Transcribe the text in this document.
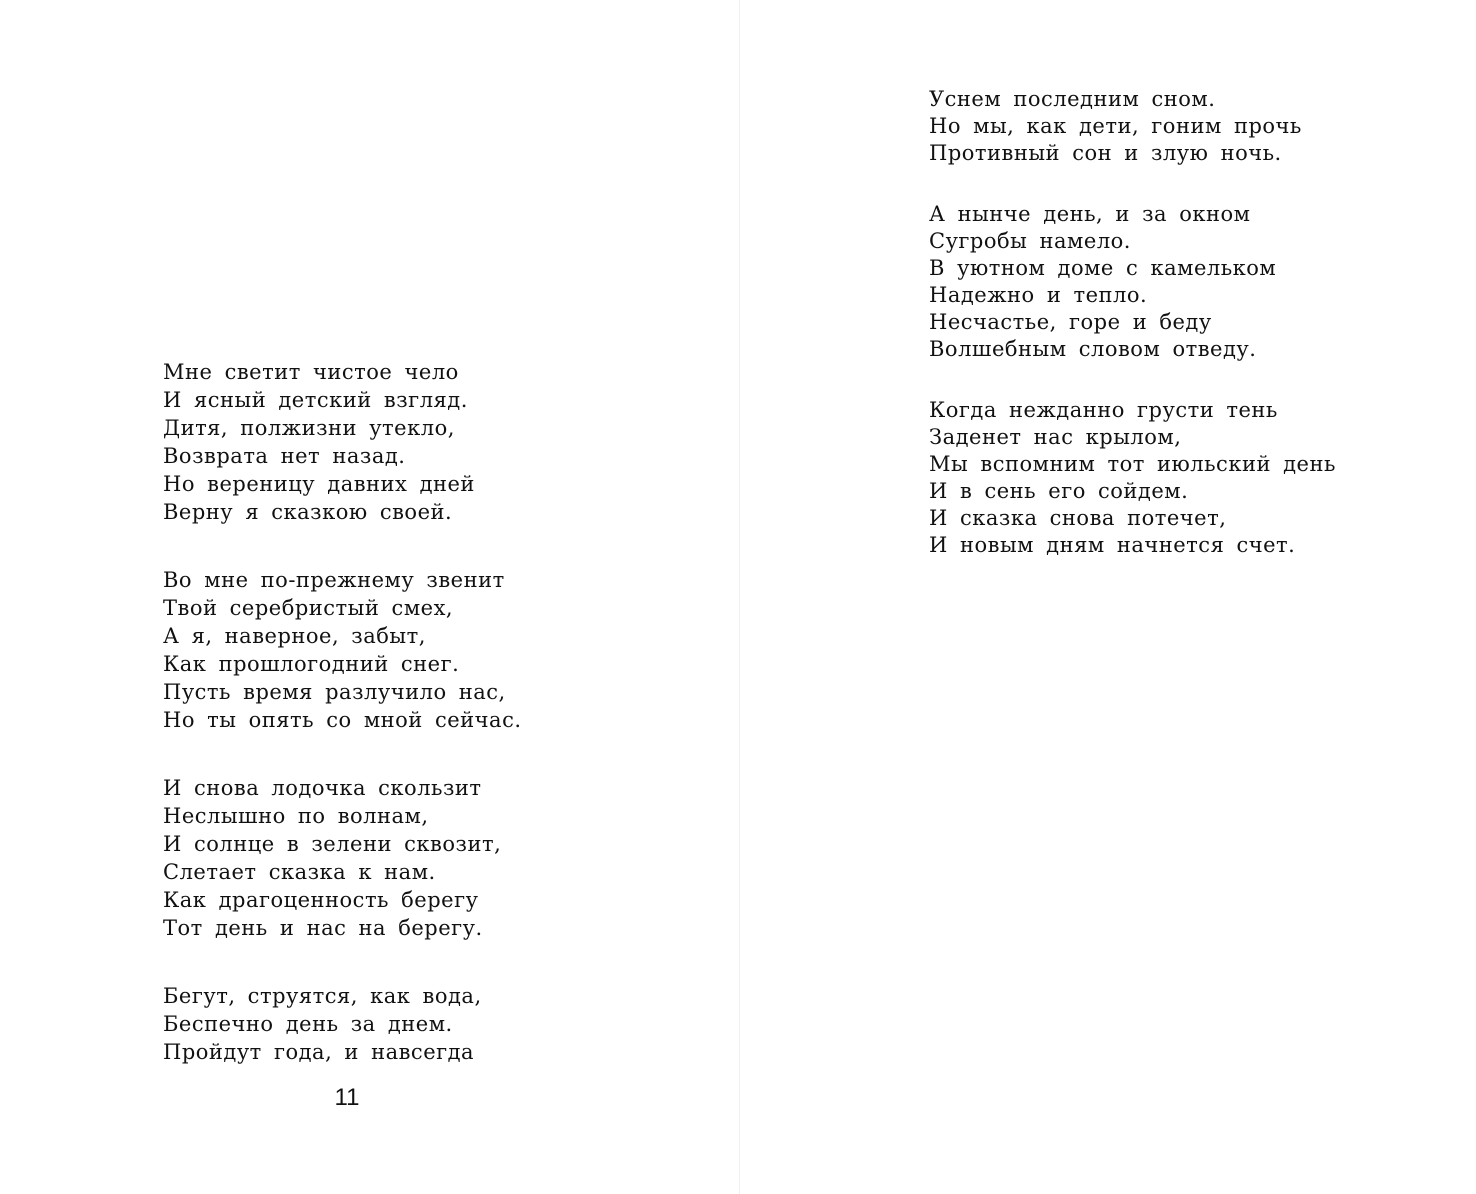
Мне светит чистое чело
И ясный детский взгляд.
Дитя, полжизни утекло,
Возврата нет назад.
Но вереницу давних дней
Верну я сказкою своей.
Во мне по-прежнему звенит
Твой серебристый смех,
А я, наверное, забыт,
Как прошлогодний снег.
Пусть время разлучило нас,
Но ты опять со мной сейчас.
И снова лодочка скользит
Неслышно по волнам,
И солнце в зелени сквозит,
Слетает сказка к нам.
Как драгоценность берегу
Тот день и нас на берегу.
Бегут, струятся, как вода,
Беспечно день за днем.
Пройдут года, и навсегда
11
Уснем последним сном.
Но мы, как дети, гоним прочь
Противный сон и злую ночь.
А нынче день, и за окном
Сугробы намело.
В уютном доме с камельком
Надежно и тепло.
Несчастье, горе и беду
Волшебным словом отведу.
Когда нежданно грусти тень
Заденет нас крылом,
Мы вспомним тот июльский день
И в сень его сойдем.
И сказка снова потечет,
И новым дням начнется счет.
